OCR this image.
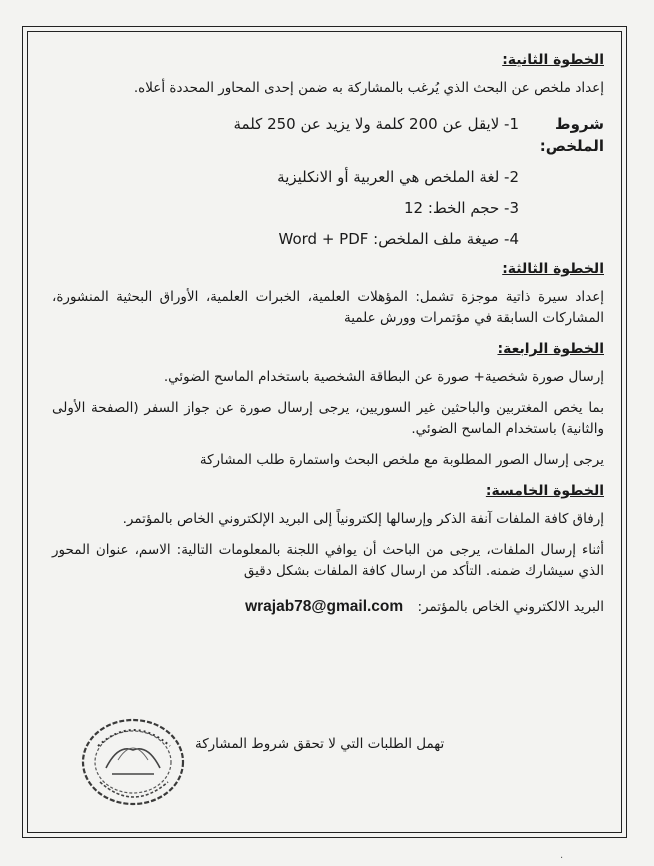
الخطوة الثانية:
إعداد ملخص عن البحث الذي يُرغب بالمشاركة به ضمن إحدى المحاور المحددة أعلاه.
شروط الملخص:
1- لايقل عن 200 كلمة ولا يزيد عن 250 كلمة
2- لغة الملخص هي العربية أو الانكليزية
3- حجم الخط: 12
4- صيغة ملف الملخص: Word + PDF
الخطوة الثالثة:
إعداد سيرة ذاتية موجزة تشمل: المؤهلات العلمية، الخبرات العلمية، الأوراق البحثية المنشورة، المشاركات السابقة في مؤتمرات وورش علمية
الخطوة الرابعة:
إرسال صورة شخصية+ صورة عن البطاقة الشخصية باستخدام الماسح الضوئي.
بما يخص المغتربين والباحثين غير السوريين، يرجى إرسال صورة عن جواز السفر (الصفحة الأولى والثانية) باستخدام الماسح الضوئي.
يرجى إرسال الصور المطلوبة مع ملخص البحث واستمارة طلب المشاركة
الخطوة الخامسة:
إرفاق كافة الملفات آنفة الذكر وإرسالها إلكترونياً إلى البريد الإلكتروني الخاص بالمؤتمر.
أثناء إرسال الملفات، يرجى من الباحث أن يوافي اللجنة بالمعلومات التالية: الاسم، عنوان المحور الذي سيشارك ضمنه. التأكد من ارسال كافة الملفات بشكل دقيق
البريد الالكتروني الخاص بالمؤتمر: wrajab78@gmail.com
تهمل الطلبات التي لا تحقق شروط المشاركة
.
